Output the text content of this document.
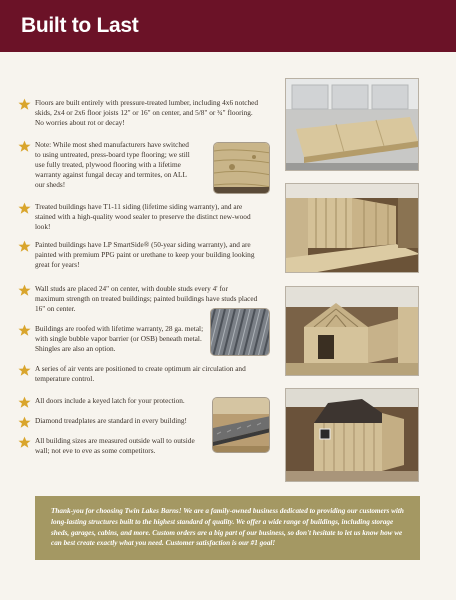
Built to Last
Floors are built entirely with pressure-treated lumber, including 4x6 notched skids, 2x4 or 2x6 floor joists 12" or 16" on center, and 5/8" or ¾" flooring. No worries about rot or decay!
Note: While most shed manufacturers have switched to using untreated, press-board type flooring; we still use fully treated, plywood flooring with a lifetime warranty against fungal decay and termites, on ALL our sheds!
Treated buildings have T1-11 siding (lifetime siding warranty), and are stained with a high-quality wood sealer to preserve the distinct new-wood look!
Painted buildings have LP SmartSide® (50-year siding warranty), and are painted with premium PPG paint or urethane to keep your building looking great for years!
Wall studs are placed 24" on center, with double studs every 4' for maximum strength on treated buildings; painted buildings have studs placed 16" on center.
Buildings are roofed with lifetime warranty, 28 ga. metal; with single bubble vapor barrier (or OSB) beneath metal. Shingles are also an option.
A series of air vents are positioned to create optimum air circulation and temperature control.
All doors include a keyed latch for your protection.
Diamond treadplates are standard in every building!
All building sizes are measured outside wall to outside wall; not eve to eve as some competitors.

Thank-you for choosing Twin Lakes Barns! We are a family-owned business dedicated to providing our customers with long-lasting structures built to the highest standard of quality. We offer a wide range of buildings, including storage sheds, garages, cabins, and more. Custom orders are a big part of our business, so don't hesitate to let us know how we can best create exactly what you need. Customer satisfaction is our #1 goal!
